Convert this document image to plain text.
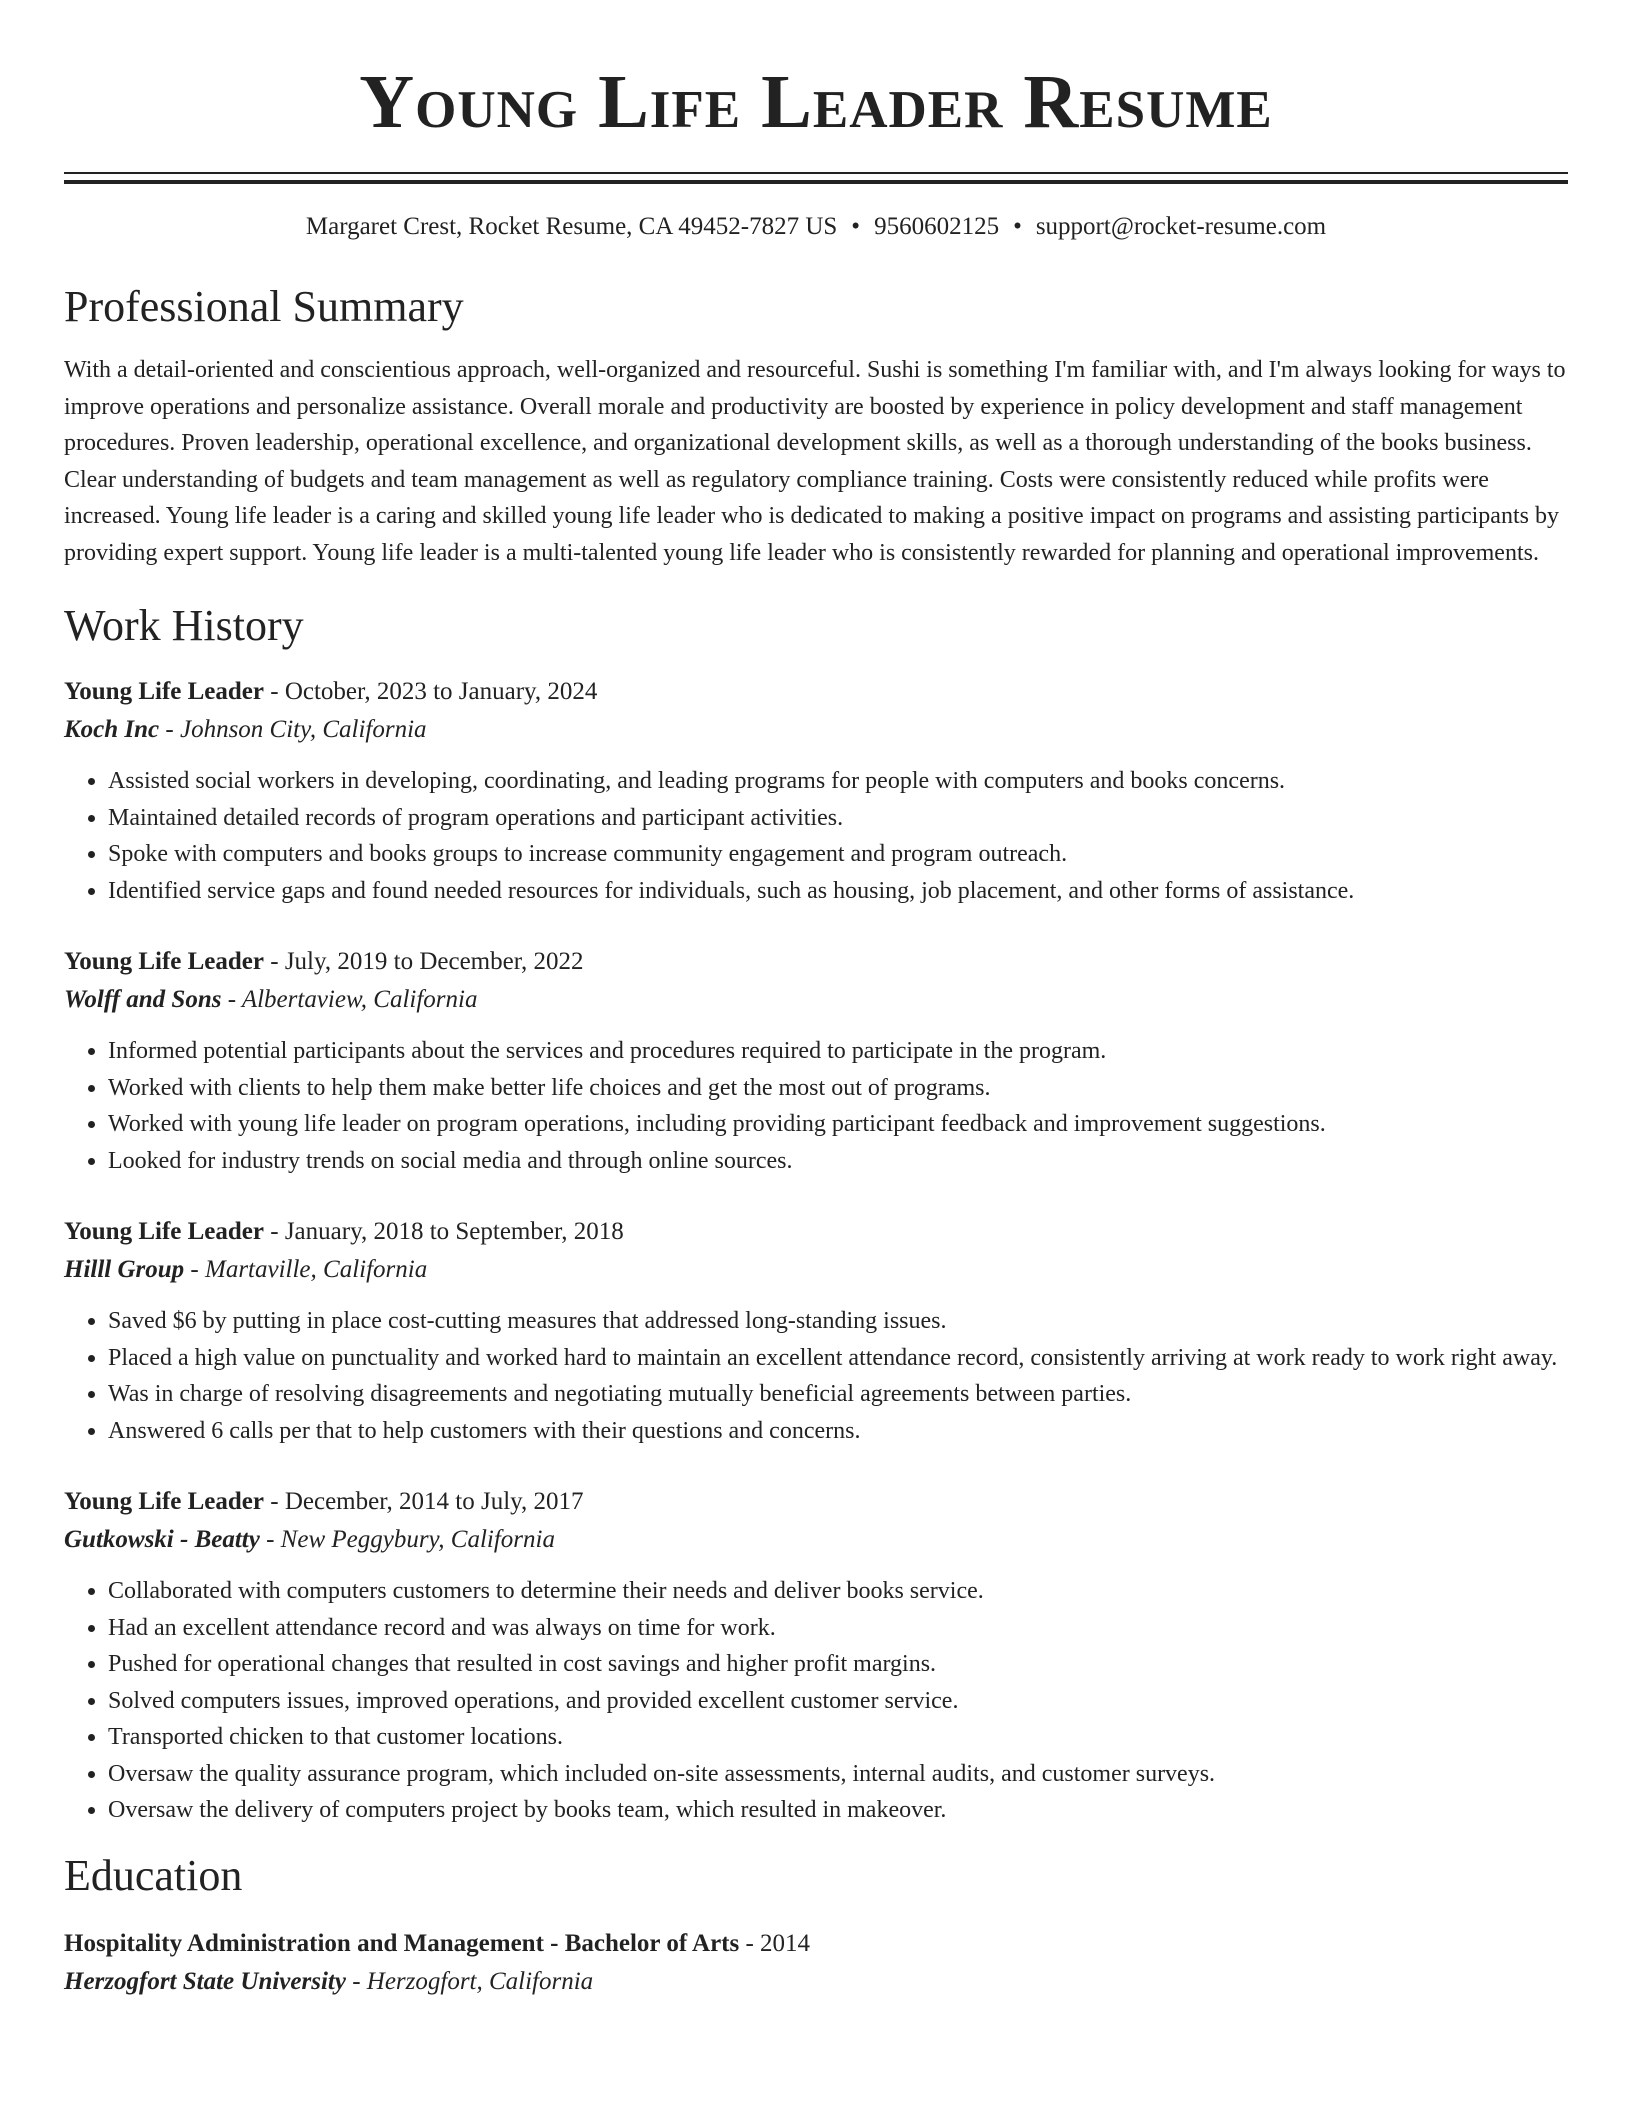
Young Life Leader Resume
Margaret Crest, Rocket Resume, CA 49452-7827 US • 9560602125 • support@rocket-resume.com
Professional Summary

With a detail-oriented and conscientious approach, well-organized and resourceful. Sushi is something I'm familiar with, and I'm always looking for ways to improve operations and personalize assistance. Overall morale and productivity are boosted by experience in policy development and staff management procedures. Proven leadership, operational excellence, and organizational development skills, as well as a thorough understanding of the books business. Clear understanding of budgets and team management as well as regulatory compliance training. Costs were consistently reduced while profits were increased. Young life leader is a caring and skilled young life leader who is dedicated to making a positive impact on programs and assisting participants by providing expert support. Young life leader is a multi-talented young life leader who is consistently rewarded for planning and operational improvements.

Work History
Young Life Leader - October, 2023 to January, 2024
Koch Inc - Johnson City, California
• Assisted social workers in developing, coordinating, and leading programs for people with computers and books concerns.
• Maintained detailed records of program operations and participant activities.
• Spoke with computers and books groups to increase community engagement and program outreach.
• Identified service gaps and found needed resources for individuals, such as housing, job placement, and other forms of assistance.
Young Life Leader - July, 2019 to December, 2022
Wolff and Sons - Albertaview, California
• Informed potential participants about the services and procedures required to participate in the program.
• Worked with clients to help them make better life choices and get the most out of programs.
• Worked with young life leader on program operations, including providing participant feedback and improvement suggestions.
• Looked for industry trends on social media and through online sources.
Young Life Leader - January, 2018 to September, 2018
Hilll Group - Martaville, California
• Saved $6 by putting in place cost-cutting measures that addressed long-standing issues.
• Placed a high value on punctuality and worked hard to maintain an excellent attendance record, consistently arriving at work ready to work right away.
• Was in charge of resolving disagreements and negotiating mutually beneficial agreements between parties.
• Answered 6 calls per that to help customers with their questions and concerns.
Young Life Leader - December, 2014 to July, 2017
Gutkowski - Beatty - New Peggybury, California
• Collaborated with computers customers to determine their needs and deliver books service.
• Had an excellent attendance record and was always on time for work.
• Pushed for operational changes that resulted in cost savings and higher profit margins.
• Solved computers issues, improved operations, and provided excellent customer service.
• Transported chicken to that customer locations.
• Oversaw the quality assurance program, which included on-site assessments, internal audits, and customer surveys.
• Oversaw the delivery of computers project by books team, which resulted in makeover.
Education
Hospitality Administration and Management - Bachelor of Arts - 2014
Herzogfort State University - Herzogfort, California
